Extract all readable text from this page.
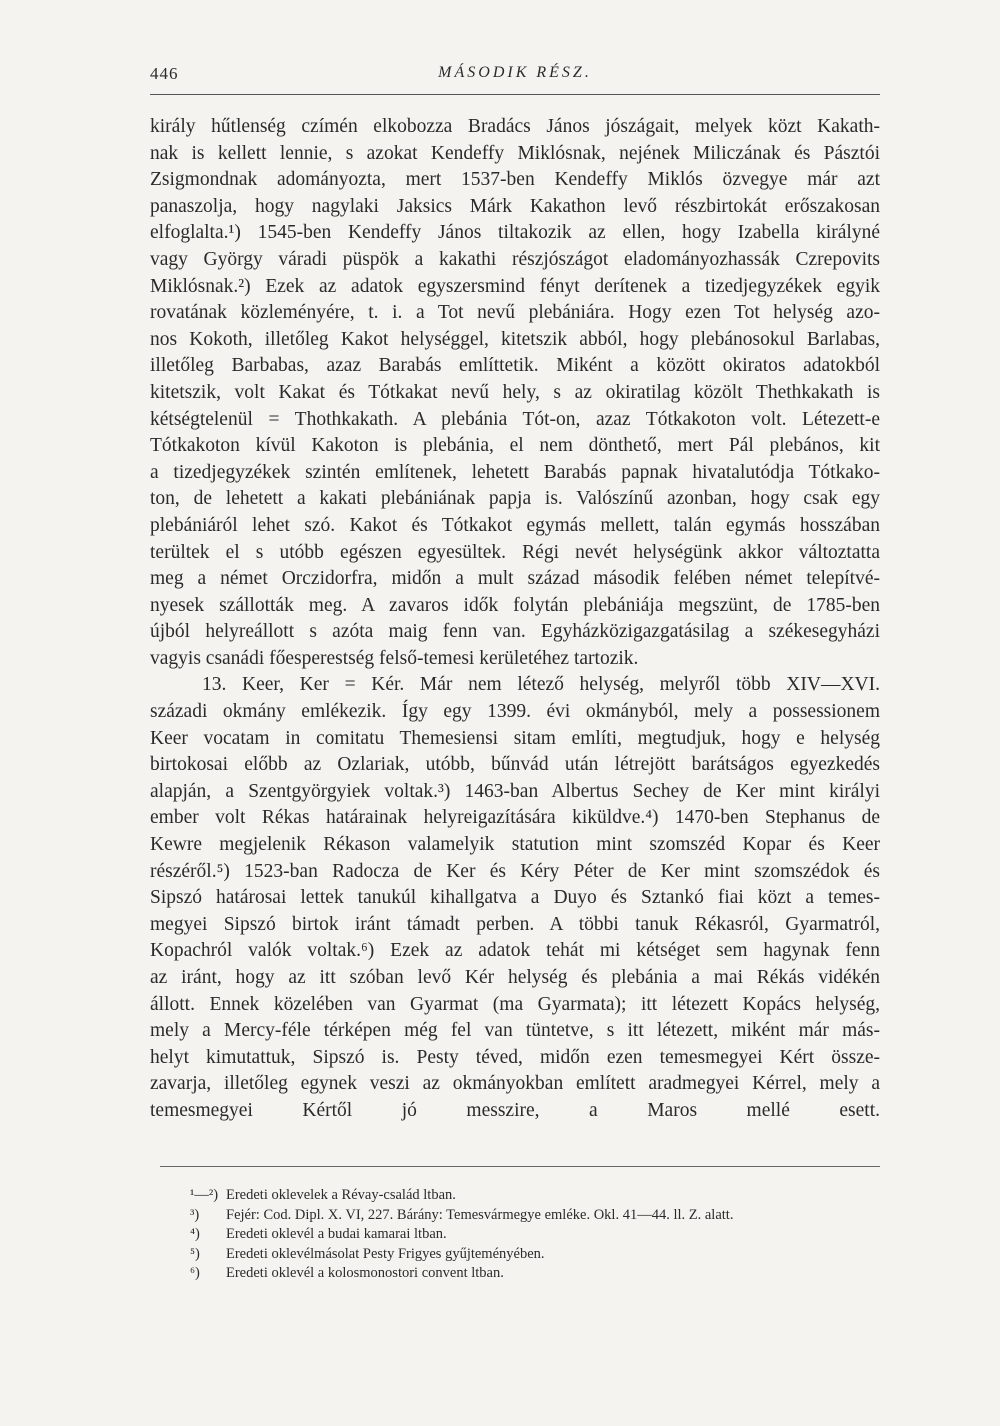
446	MÁSODIK RÉSZ.
király hűtlenség czímén elkobozza Bradács János jószágait, melyek közt Kakath-
nak is kellett lennie, s azokat Kendeffy Miklósnak, nejének Miliczának és Pásztói
Zsigmondnak adományozta, mert 1537-ben Kendeffy Miklós özvegye már azt
panaszolja, hogy nagylaki Jaksics Márk Kakathon levő részbirtokát erőszakosan
elfoglalta.¹) 1545-ben Kendeffy János tiltakozik az ellen, hogy Izabella királyné
vagy György váradi püspök a kakathi részjószágot eladományozhassák Czrepovits
Miklósnak.²) Ezek az adatok egyszersmind fényt derítenek a tizedjegyzékek egyik
rovatának közleményére, t. i. a Tot nevű plebániára. Hogy ezen Tot helység azo-
nos Kokoth, illetőleg Kakot helységgel, kitetszik abból, hogy plebánosokul Barlabas,
illetőleg Barbabas, azaz Barabás említtetik. Miként a között okiratos adatokból
kitetszik, volt Kakat és Tótkakat nevű hely, s az okiratilag közölt Thethkakath is
kétségtelenül = Thothkakath. A plebánia Tót-on, azaz Tótkakoton volt. Létezett-e
Tótkakoton kívül Kakoton is plebánia, el nem dönthető, mert Pál plebános, kit
a tizedjegyzékek szintén említenek, lehetett Barabás papnak hivatalutódja Tótkako-
ton, de lehetett a kakati plebániának papja is. Valószínű azonban, hogy csak egy
plebániáról lehet szó. Kakot és Tótkakot egymás mellett, talán egymás hosszában
terültek el s utóbb egészen egyesültek. Régi nevét helységünk akkor változtatta
meg a német Orczidorfra, midőn a mult század második felében német telepítvé-
nyesek szállották meg. A zavaros idők folytán plebániája megszünt, de 1785-ben
újból helyreállott s azóta maig fenn van. Egyházközigazgatásilag a székesegyházi
vagyis csanádi főesperestség felső-temesi kerületéhez tartozik.
13. Keer, Ker = Kér. Már nem létező helység, melyről több XIV—XVI.
századi okmány emlékezik. Így egy 1399. évi okmányból, mely a possessionem
Keer vocatam in comitatu Themesiensi sitam említi, megtudjuk, hogy e helység
birtokosai előbb az Ozlariak, utóbb, bűnvád után létrejött barátságos egyezkedés
alapján, a Szentgyörgyiek voltak.³) 1463-ban Albertus Sechey de Ker mint királyi
ember volt Rékas határainak helyreigazítására kiküldve.⁴) 1470-ben Stephanus de
Kewre megjelenik Rékason valamelyik statution mint szomszéd Kopar és Keer
részéről.⁵) 1523-ban Radocza de Ker és Kéry Péter de Ker mint szomszédok és
Sipszó határosai lettek tanukúl kihallgatva a Duyo és Sztankó fiai közt a temes-
megyei Sipszó birtok iránt támadt perben. A többi tanuk Rékasról, Gyarmatról,
Kopachról valók voltak.⁶) Ezek az adatok tehát mi kétséget sem hagynak fenn
az iránt, hogy az itt szóban levő Kér helység és plebánia a mai Rékás vidékén
állott. Ennek közelében van Gyarmat (ma Gyarmata); itt létezett Kopács helység,
mely a Mercy-féle térképen még fel van tüntetve, s itt létezett, miként már más-
helyt kimutattuk, Sipszó is. Pesty téved, midőn ezen temesmegyei Kért össze-
zavarja, illetőleg egynek veszi az okmányokban említett aradmegyei Kérrel, mely a
temesmegyei Kértől jó messzire, a Maros mellé esett.
¹—²) Eredeti oklevelek a Révay-család ltban.
³) Fejér: Cod. Dipl. X. VI, 227. Bárány: Temesvármegye emléke. Okl. 41—44. ll. Z. alatt.
⁴) Eredeti oklevél a budai kamarai ltban.
⁵) Eredeti oklevélmásolat Pesty Frigyes gyűjteményében.
⁶) Eredeti oklevél a kolosmonostori convent ltban.
